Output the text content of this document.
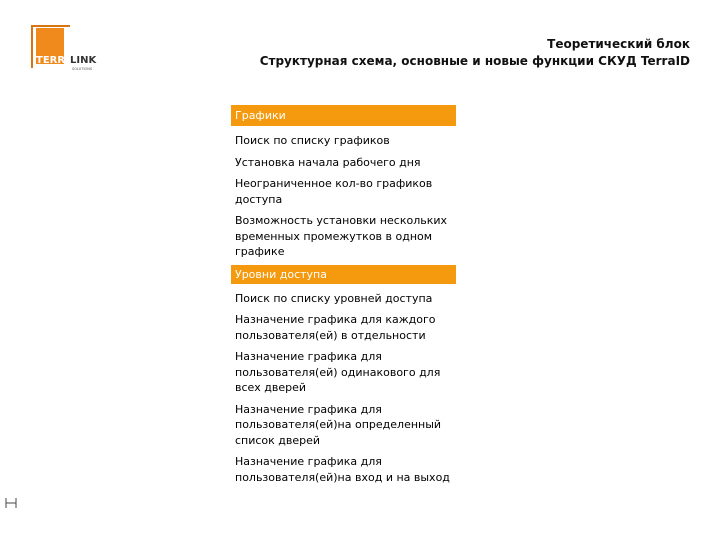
TERRA
LINK
SOLUTIONS
Теоретический блок
Структурная схема, основные и новые функции СКУД TerraID
Графики
Поиск по списку графиков
Установка начала рабочего дня
Неограниченное кол-во графиков доступа
Возможность установки нескольких временных промежутков в одном графике
Уровни доступа
Поиск по списку уровней доступа
Назначение графика для каждого пользователя(ей) в отдельности
Назначение графика для пользователя(ей) одинакового для всех дверей
Назначение графика для пользователя(ей)на определенный список дверей
Назначение графика для пользователя(ей)на вход и на выход
